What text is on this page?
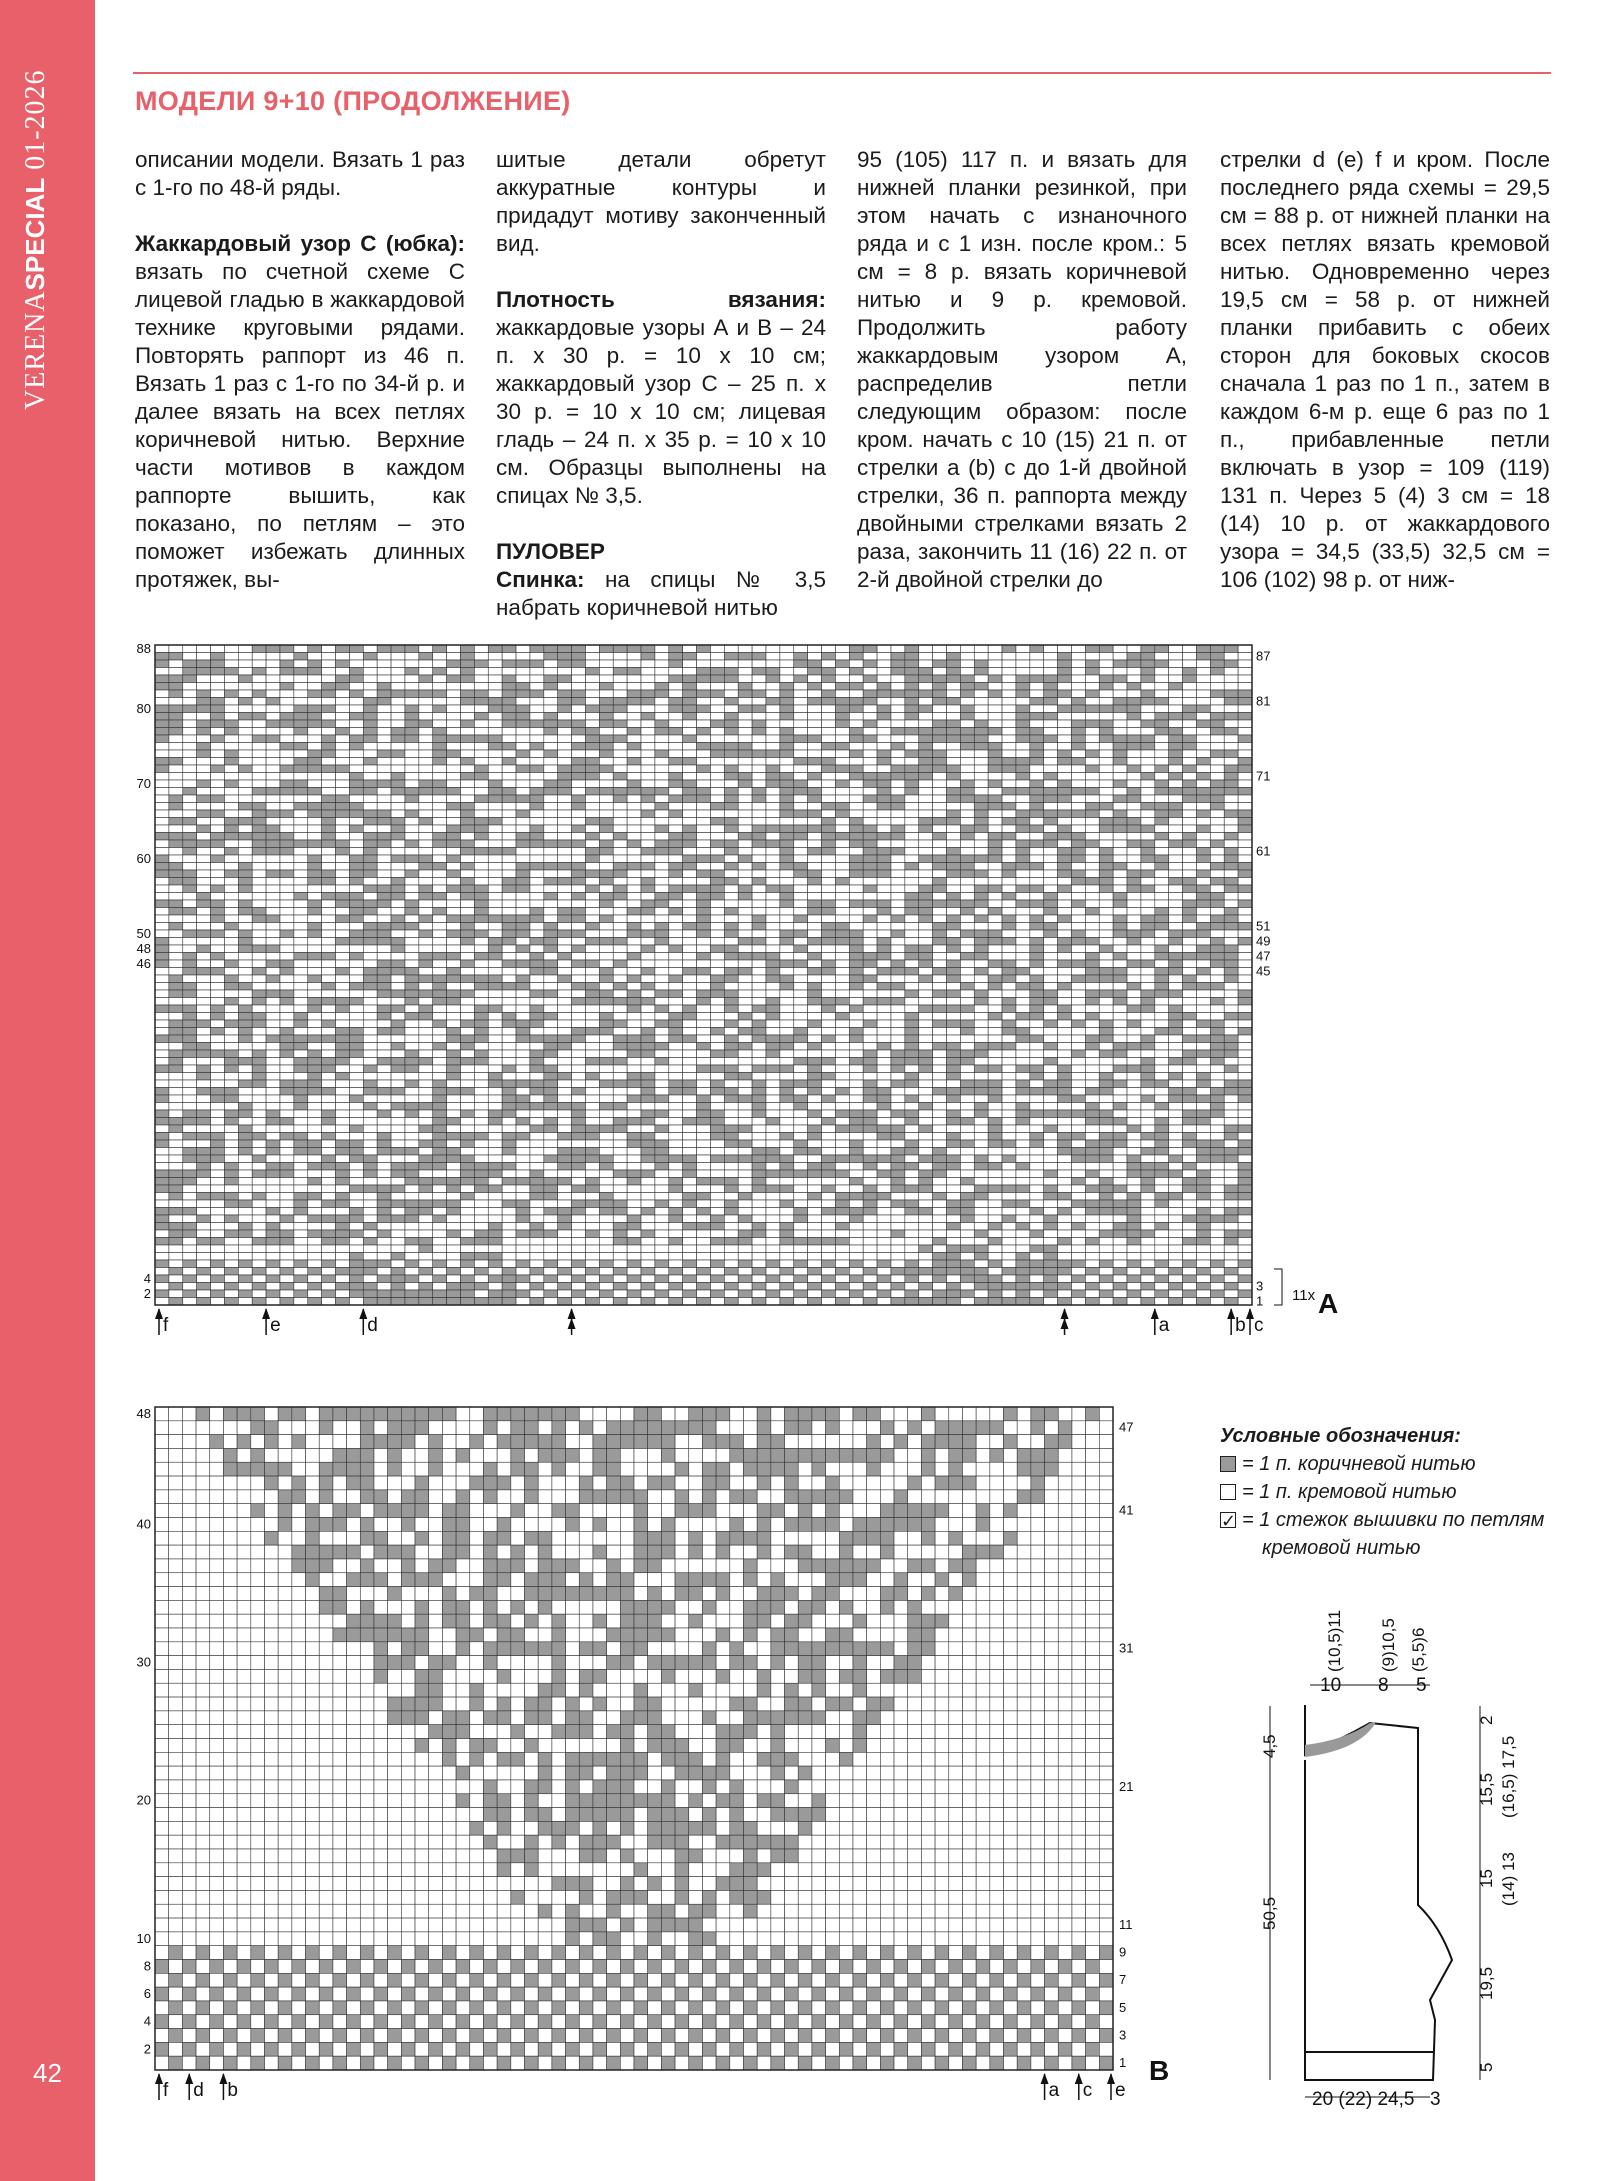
VERENASPECIAL 01-2026
42
МОДЕЛИ 9+10 (ПРОДОЛЖЕНИЕ)

описании модели. Вязать 1 раз с 1-го по 48-й ряды.

Жаккардовый узор С (юбка): вязать по счетной схеме С лицевой гладью в жаккардовой технике круговыми рядами. Повторять раппорт из 46 п. Вязать 1 раз с 1-го по 34-й р. и далее вязать на всех петлях коричневой нитью. Верхние части мотивов в каждом раппорте вышить, как показано, по петлям – это поможет избежать длинных протяжек, вы-

шитые детали обретут аккуратные контуры и придадут мотиву законченный вид.

Плотность вязания: жаккардовые узоры А и В – 24 п. х 30 р. = 10 х 10 см; жаккардовый узор С – 25 п. х 30 р. = 10 х 10 см; лицевая гладь – 24 п. х 35 р. = 10 х 10 см. Образцы выполнены на спицах № 3,5.

ПУЛОВЕР

Спинка: на спицы № 3,5 набрать коричневой нитью

95 (105) 117 п. и вязать для нижней планки резинкой, при этом начать с изнаночного ряда и с 1 изн. после кром.: 5 см = 8 р. вязать коричневой нитью и 9 р. кремовой. Продолжить работу жаккардовым узором А, распределив петли следующим образом: после кром. начать с 10 (15) 21 п. от стрелки а (b) с до 1-й двойной стрелки, 36 п. раппорта между двойными стрелками вязать 2 раза, закончить 11 (16) 22 п. от 2-й двойной стрелки до

стрелки d (e) f и кром. После последнего ряда схемы = 29,5 см = 88 р. от нижней планки на всех петлях вязать кремовой нитью. Одновременно через 19,5 см = 58 р. от нижней планки прибавить с обеих сторон для боковых скосов сначала 1 раз по 1 п., затем в каждом 6-м р. еще 6 раз по 1 п., прибавленные петли включать в узор = 109 (119) 131 п. Через 5 (4) 3 см = 18 (14) 10 р. от жаккардового узора = 34,5 (33,5) 32,5 см = 106 (102) 98 р. от ниж-

88
80
70
60
50
48
46
4
2
87
81
71
61
51
49
47
45
3
1 11x A
f	e	d	a	b c
48
40
30
20
10
8
6
4
2
47
41
31
21
11
9
7
5
3
1 B
f d b	a c e
Условные обозначения:
= 1 п. коричневой нитью
= 1 п. кремовой нитью
✓
= 1 стежок вышивки по петлям
кремовой нитью
10 8 5
(10,5)11 (9)10,5 (5,5)6
4,5
50,5
2
15,5 (16,5) 17,5
15 (14) 13
19,5
5
20 (22) 24,5 3
